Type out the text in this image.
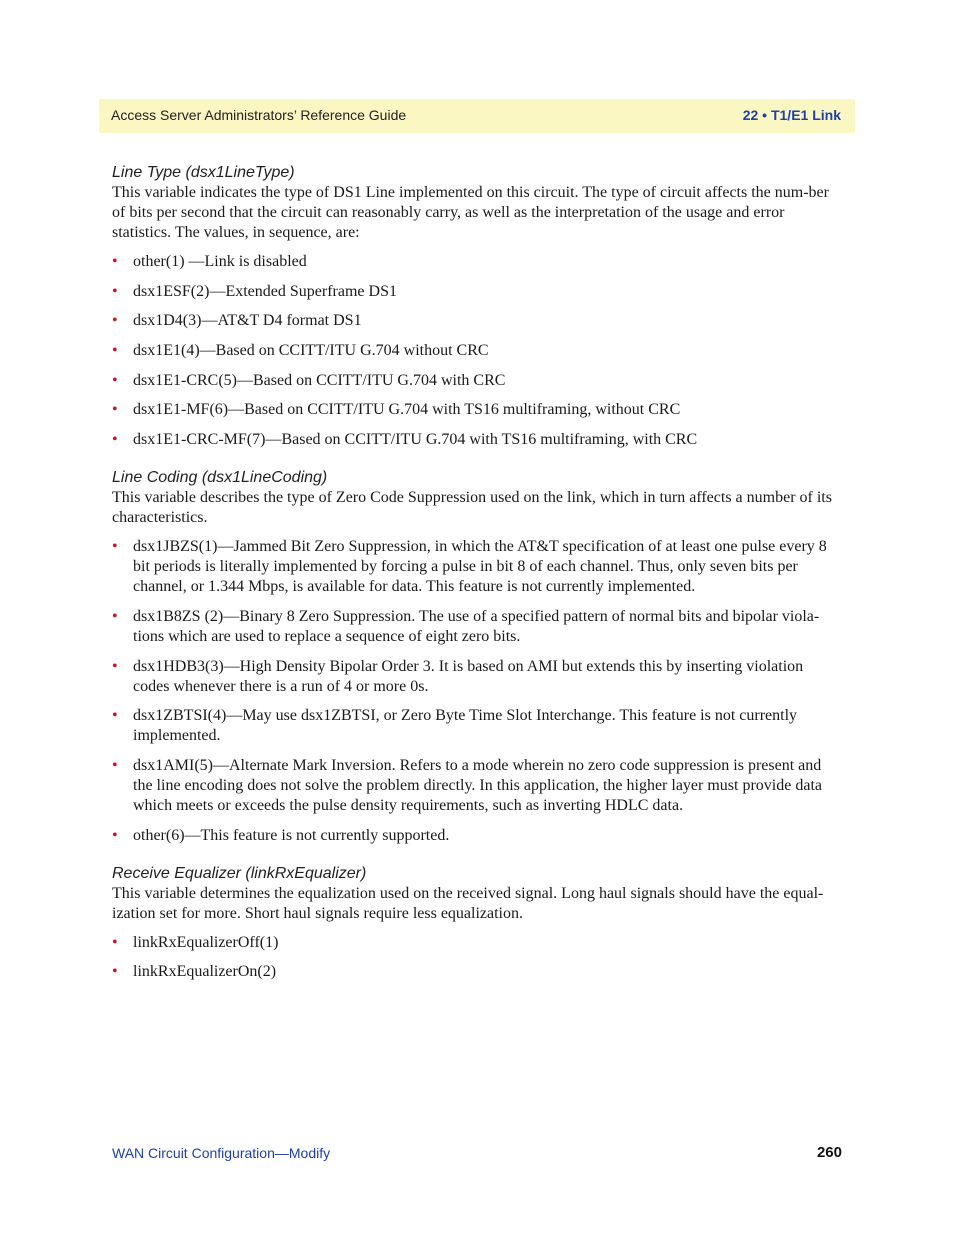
Access Server Administrators’ Reference Guide	22 • T1/E1 Link
Line Type (dsx1LineType)

This variable indicates the type of DS1 Line implemented on this circuit. The type of circuit affects the num-ber of bits per second that the circuit can reasonably carry, as well as the interpretation of the usage and error statistics. The values, in sequence, are:

• other(1) —Link is disabled
• dsx1ESF(2)—Extended Superframe DS1
• dsx1D4(3)—AT&T D4 format DS1
• dsx1E1(4)—Based on CCITT/ITU G.704 without CRC
• dsx1E1-CRC(5)—Based on CCITT/ITU G.704 with CRC
• dsx1E1-MF(6)—Based on CCITT/ITU G.704 with TS16 multiframing, without CRC
• dsx1E1-CRC-MF(7)—Based on CCITT/ITU G.704 with TS16 multiframing, with CRC
Line Coding (dsx1LineCoding)

This variable describes the type of Zero Code Suppression used on the link, which in turn affects a number of its characteristics.

• dsx1JBZS(1)—Jammed Bit Zero Suppression, in which the AT&T specification of at least one pulse every 8 bit periods is literally implemented by forcing a pulse in bit 8 of each channel. Thus, only seven bits per channel, or 1.344 Mbps, is available for data. This feature is not currently implemented.
• dsx1B8ZS (2)—Binary 8 Zero Suppression. The use of a specified pattern of normal bits and bipolar viola-tions which are used to replace a sequence of eight zero bits.
• dsx1HDB3(3)—High Density Bipolar Order 3. It is based on AMI but extends this by inserting violation codes whenever there is a run of 4 or more 0s.
• dsx1ZBTSI(4)—May use dsx1ZBTSI, or Zero Byte Time Slot Interchange. This feature is not currently implemented.
• dsx1AMI(5)—Alternate Mark Inversion. Refers to a mode wherein no zero code suppression is present and the line encoding does not solve the problem directly. In this application, the higher layer must provide data which meets or exceeds the pulse density requirements, such as inverting HDLC data.
• other(6)—This feature is not currently supported.
Receive Equalizer (linkRxEqualizer)

This variable determines the equalization used on the received signal. Long haul signals should have the equal-ization set for more. Short haul signals require less equalization.

• linkRxEqualizerOff(1)
• linkRxEqualizerOn(2)
WAN Circuit Configuration—Modify	260
